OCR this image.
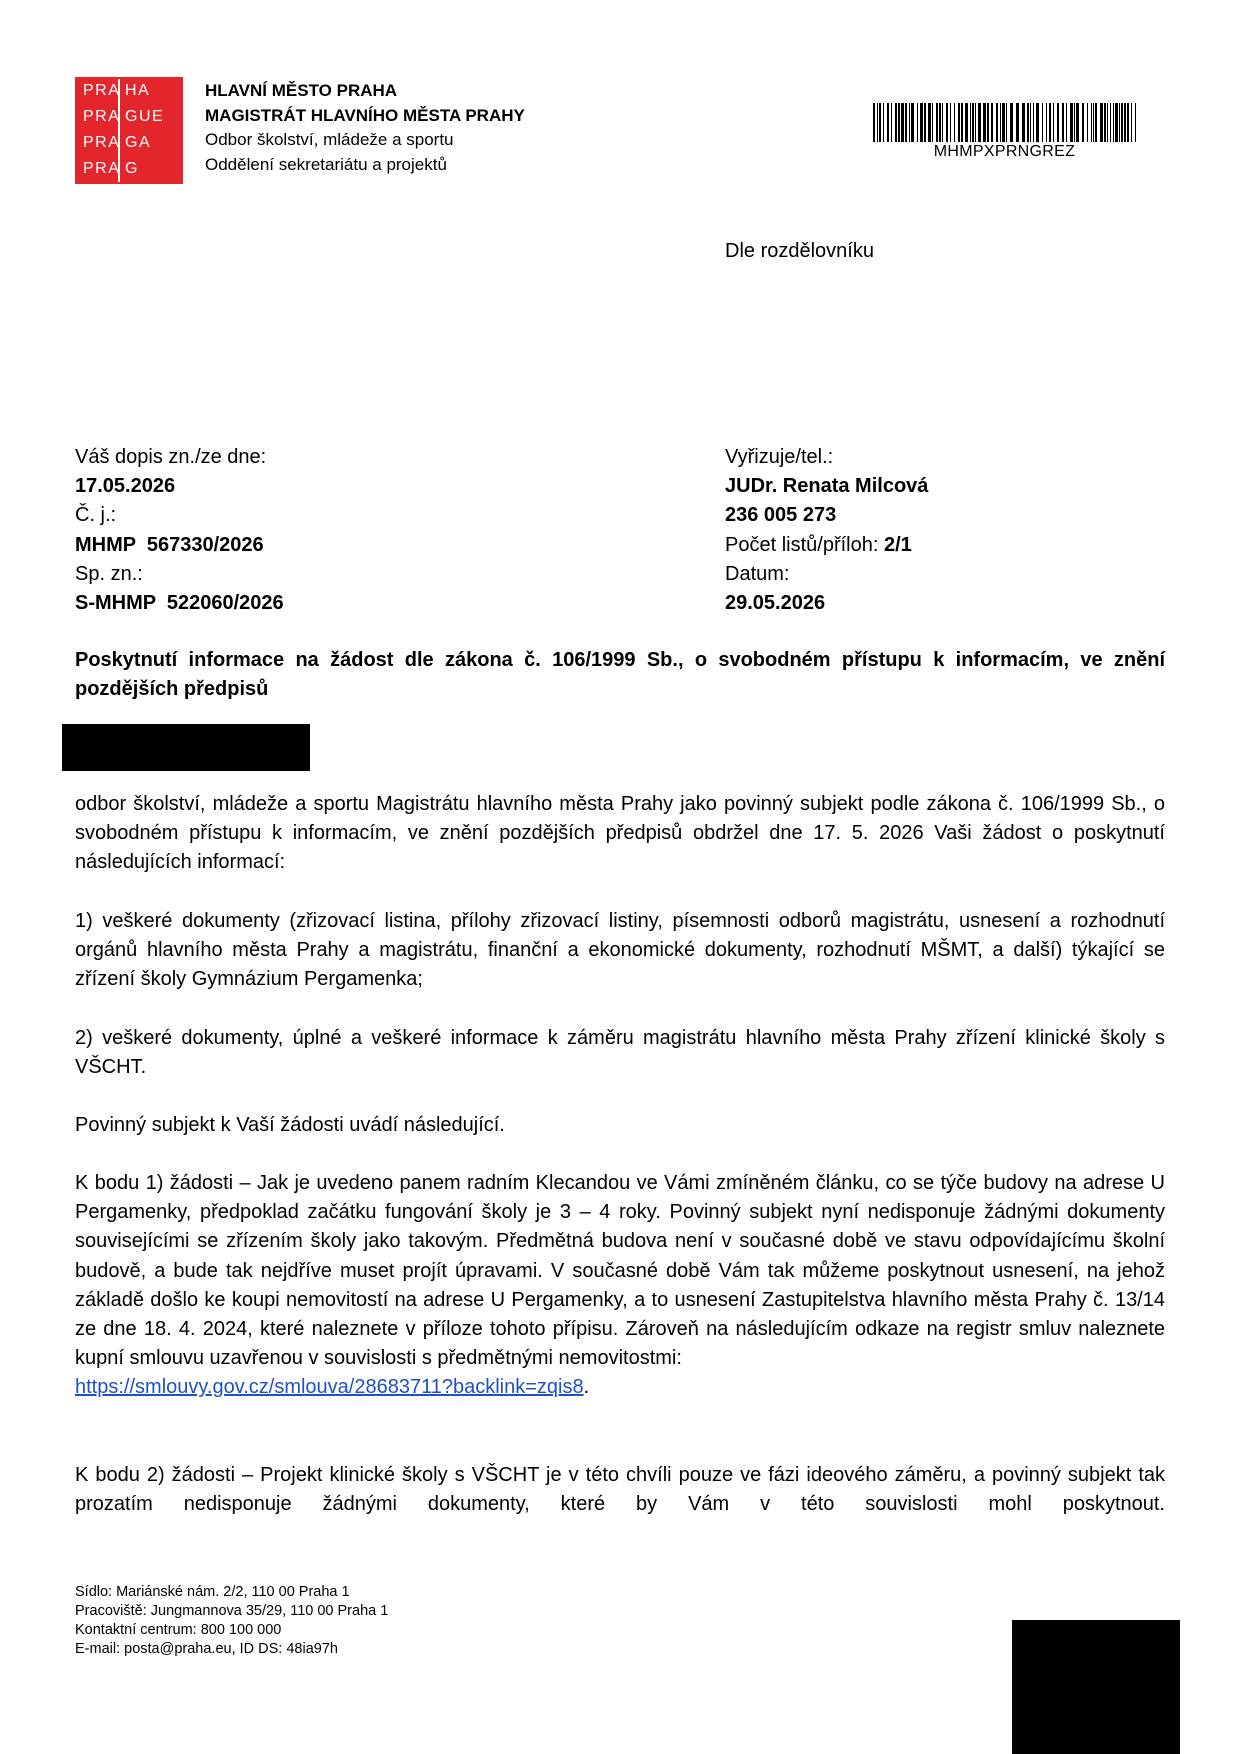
PRA HA
PRA GUE
PRA GA
PRA G
HLAVNÍ MĚSTO PRAHA
MAGISTRÁT HLAVNÍHO MĚSTA PRAHY
Odbor školství, mládeže a sportu
Oddělení sekretariátu a projektů
MHMPXPRNGREZ
Dle rozdělovníku
Váš dopis zn./ze dne:
17.05.2026
Č. j.:
MHMP  567330/2026
Sp. zn.:
S-MHMP  522060/2026
Vyřizuje/tel.:
JUDr. Renata Milcová
236 005 273
Počet listů/příloh: 2/1
Datum:
29.05.2026
Poskytnutí informace na žádost dle zákona č. 106/1999 Sb., o svobodném přístupu k informacím, ve znění pozdějších předpisů

odbor školství, mládeže a sportu Magistrátu hlavního města Prahy jako povinný subjekt podle zákona č. 106/1999 Sb., o svobodném přístupu k informacím, ve znění pozdějších předpisů obdržel dne 17. 5. 2026 Vaši žádost o poskytnutí následujících informací:

1) veškeré dokumenty (zřizovací listina, přílohy zřizovací listiny, písemnosti odborů magistrátu, usnesení a rozhodnutí orgánů hlavního města Prahy a magistrátu, finanční a ekonomické dokumenty, rozhodnutí MŠMT, a další) týkající se zřízení školy Gymnázium Pergamenka;

2) veškeré dokumenty, úplné a veškeré informace k záměru magistrátu hlavního města Prahy zřízení klinické školy s VŠCHT.

Povinný subjekt k Vaší žádosti uvádí následující.

K bodu 1) žádosti – Jak je uvedeno panem radním Klecandou ve Vámi zmíněném článku, co se týče budovy na adrese U Pergamenky, předpoklad začátku fungování školy je 3 – 4 roky. Povinný subjekt nyní nedisponuje žádnými dokumenty souvisejícími se zřízením školy jako takovým. Předmětná budova není v současné době ve stavu odpovídajícímu školní budově, a bude tak nejdříve muset projít úpravami. V současné době Vám tak můžeme poskytnout usnesení, na jehož základě došlo ke koupi nemovitostí na adrese U Pergamenky, a to usnesení Zastupitelstva hlavního města Prahy č. 13/14 ze dne 18. 4. 2024, které naleznete v příloze tohoto přípisu. Zároveň na následujícím odkaze na registr smluv naleznete kupní smlouvu uzavřenou v souvislosti s předmětnými nemovitostmi:

https://smlouvy.gov.cz/smlouva/28683711?backlink=zqis8.

K bodu 2) žádosti – Projekt klinické školy s VŠCHT je v této chvíli pouze ve fázi ideového záměru, a povinný subjekt tak prozatím nedisponuje žádnými dokumenty, které by Vám v této souvislosti mohl poskytnout.

Sídlo: Mariánské nám. 2/2, 110 00 Praha 1
Pracoviště: Jungmannova 35/29, 110 00 Praha 1
Kontaktní centrum: 800 100 000
E-mail: posta@praha.eu, ID DS: 48ia97h
